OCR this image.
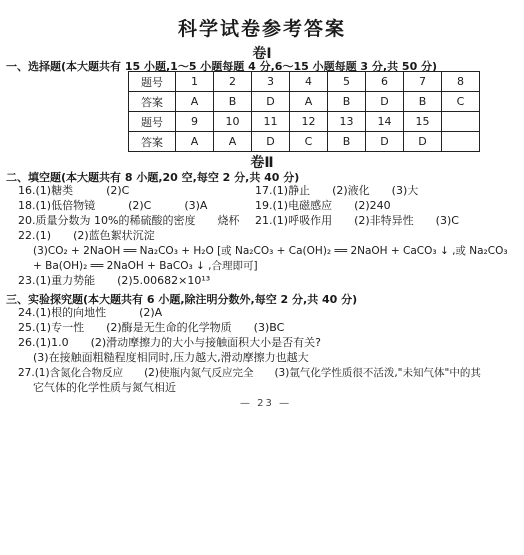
科学试卷参考答案
卷Ⅰ
一、选择题(本大题共有 15 小题,1～5 小题每题 4 分,6～15 小题每题 3 分,共 50 分)
题号	1	2	3	4	5	6	7	8
答案	A	B	D	A	B	D	B	C
题号	9	10	11	12	13	14	15	
答案	A	A	D	C	B	D	D	
卷Ⅱ
二、填空题(本大题共有 8 小题,20 空,每空 2 分,共 40 分)
16.(1)糖类　　　(2)C	17.(1)静止　　(2)液化　　(3)大
18.(1)低倍物镜　　　(2)C　　　(3)A	19.(1)电磁感应　　(2)240
20.质量分数为 10%的稀硫酸的密度　　烧杯 21.(1)呼吸作用　　(2)非特异性　　(3)C
22.(1)　　(2)蓝色絮状沉淀
(3)CO₂ + 2NaOH ══ Na₂CO₃ + H₂O [或 Na₂CO₃ + Ca(OH)₂ ══ 2NaOH + CaCO₃ ↓ ,或 Na₂CO₃
+ Ba(OH)₂ ══ 2NaOH + BaCO₃ ↓ ,合理即可]
23.(1)重力势能　　(2)5.00682×10¹³
三、实验探究题(本大题共有 6 小题,除注明分数外,每空 2 分,共 40 分)
24.(1)根的向地性　　　(2)A
25.(1)专一性　　(2)酶是无生命的化学物质　　(3)BC
26.(1)1.0　　(2)滑动摩擦力的大小与接触面积大小是否有关?
(3)在接触面粗糙程度相同时,压力越大,滑动摩擦力也越大
27.(1)含氮化合物反应　　(2)使瓶内氮气反应完全　　(3)氩气化学性质很不活泼,"未知气体"中的其
它气体的化学性质与氮气相近
— 23 —
